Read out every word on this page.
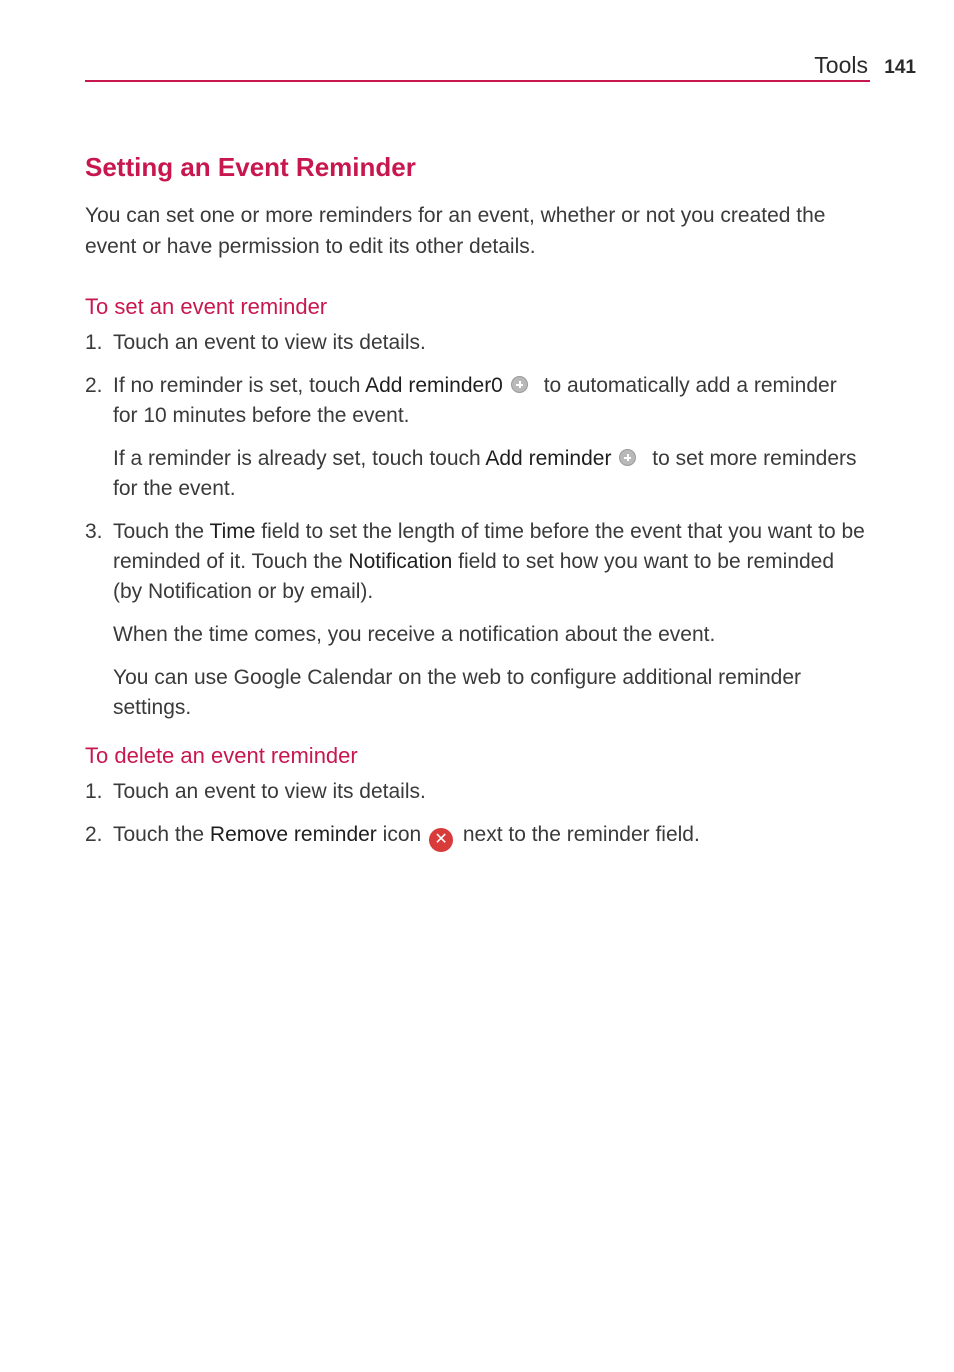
Tools 141
Setting an Event Reminder

You can set one or more reminders for an event, whether or not you created the event or have permission to edit its other details.

To set an event reminder
1. Touch an event to view its details.
2. If no reminder is set, touch Add reminder0 to automatically add a reminder for 10 minutes before the event.
If a reminder is already set, touch touch Add reminder to set more reminders for the event.
3. Touch the Time field to set the length of time before the event that you want to be reminded of it. Touch the Notification field to set how you want to be reminded (by Notification or by email).
When the time comes, you receive a notification about the event.
You can use Google Calendar on the web to configure additional reminder settings.
To delete an event reminder
1. Touch an event to view its details.
2. Touch the Remove reminder icon ✕ next to the reminder field.
